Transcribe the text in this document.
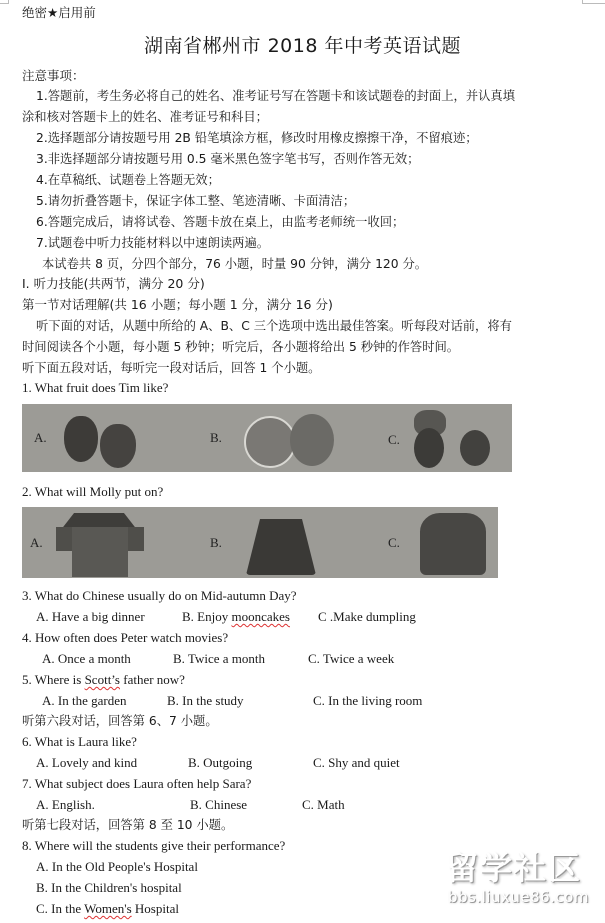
绝密★启用前
湖南省郴州市 2018 年中考英语试题
注意事项：
1.答题前，考生务必将自己的姓名、准考证号写在答题卡和该试题卷的封面上，并认真填
涂和核对答题卡上的姓名、准考证号和科目；
2.选择题部分请按题号用 2B 铅笔填涂方框，修改时用橡皮擦擦干净，不留痕迹；
3.非选择题部分请按题号用 0.5 毫米黑色签字笔书写，否则作答无效；
4.在草稿纸、试题卷上答题无效；
5.请勿折叠答题卡，保证字体工整、笔迹清晰、卡面清洁；
6.答题完成后，请将试卷、答题卡放在桌上，由监考老师统一收回；
7.试题卷中听力技能材料以中速朗读两遍。
本试卷共 8 页，分四个部分，76 小题，时量 90 分钟，满分 120 分。
I. 听力技能(共两节，满分 20 分)
第一节对话理解(共 16 小题；每小题 1 分，满分 16 分)
听下面的对话，从题中所给的 A、B、C 三个选项中选出最佳答案。听每段对话前，将有
时间阅读各个小题，每小题 5 秒钟；听完后，各小题将给出 5 秒钟的作答时间。
听下面五段对话，每听完一段对话后，回答 1 个小题。
1. What fruit does Tim like?
A.	B.	C.
2. What will Molly put on?
A.	B.	C.
3. What do Chinese usually do on Mid-autumn Day?
A. Have a big dinner	B. Enjoy mooncakes C .Make dumpling
4. How often does Peter watch movies?
A. Once a month	B. Twice a month	C. Twice a week
5. Where is Scott’s father now?
A. In the garden	B. In the study	C. In the living room
听第六段对话，回答第 6、7 小题。
6. What is Laura like?
A. Lovely and kind	B. Outgoing	C. Shy and quiet
7. What subject does Laura often help Sara?
A. English.	B. Chinese	C. Math
听第七段对话，回答第 8 至 10 小题。
8. Where will the students give their performance?
A. In the Old People's Hospital
B. In the Children's hospital
C. In the Women's Hospital
留学社区
bbs.liuxue86.com
